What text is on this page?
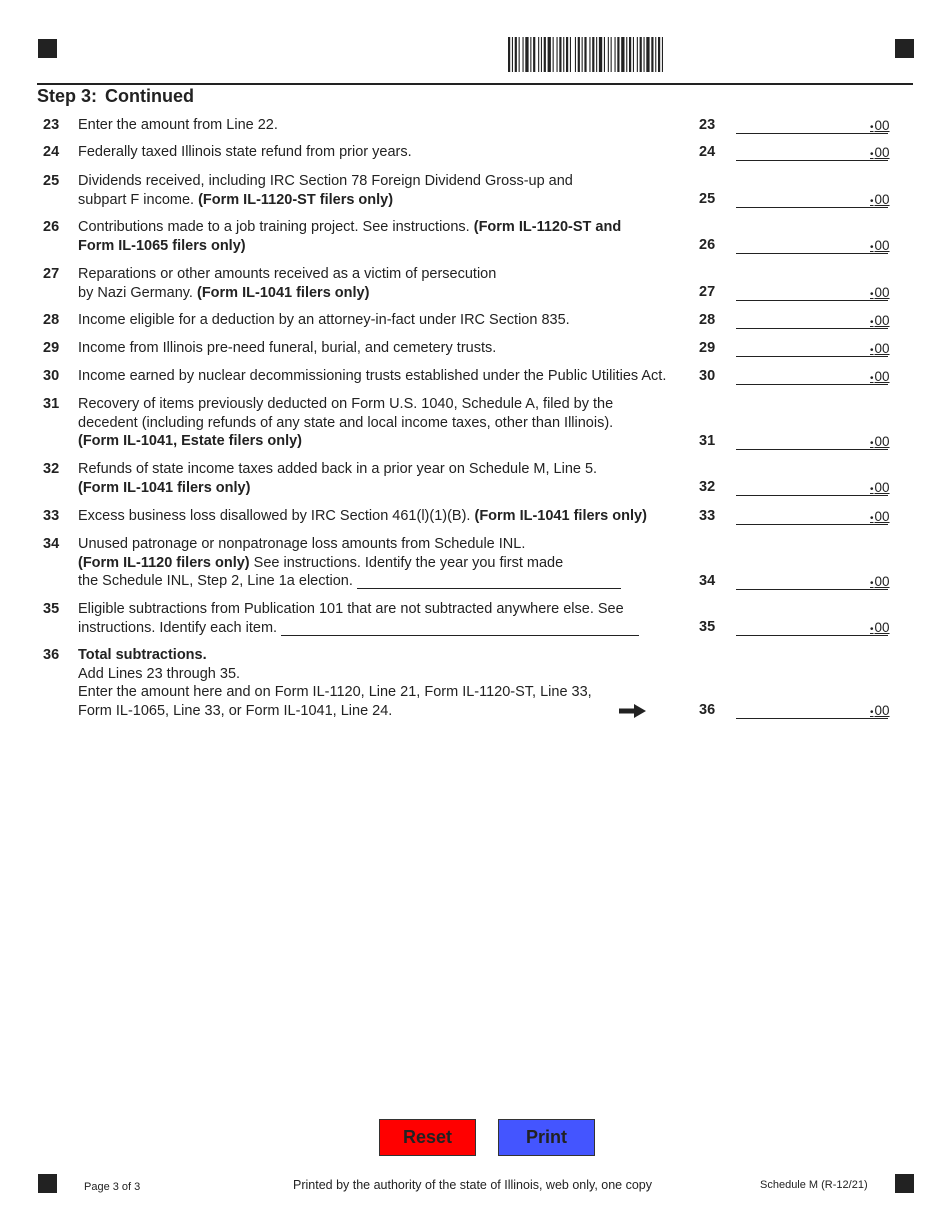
Step 3: Continued
23 Enter the amount from Line 22.	23	• 00
24 Federally taxed Illinois state refund from prior years.	24	• 00
25 Dividends received, including IRC Section 78 Foreign Dividend Gross-up and
subpart F income. (Form IL-1120-ST filers only)	25	• 00
26 Contributions made to a job training project. See instructions. (Form IL-1120-ST and
Form IL-1065 filers only)	26	• 00
27 Reparations or other amounts received as a victim of persecution
by Nazi Germany. (Form IL-1041 filers only)	27	• 00
28 Income eligible for a deduction by an attorney-in-fact under IRC Section 835.	28	• 00
29 Income from Illinois pre-need funeral, burial, and cemetery trusts.	29	• 00
30 Income earned by nuclear decommissioning trusts established under the Public Utilities Act.	30	• 00
31 Recovery of items previously deducted on Form U.S. 1040, Schedule A, filed by the
decedent (including refunds of any state and local income taxes, other than Illinois).
(Form IL-1041, Estate filers only)	31	• 00
32 Refunds of state income taxes added back in a prior year on Schedule M, Line 5.
(Form IL-1041 filers only)	32	• 00
33 Excess business loss disallowed by IRC Section 461(l)(1)(B). (Form IL-1041 filers only)	33	• 00
34 Unused patronage or nonpatronage loss amounts from Schedule INL.
(Form IL-1120 filers only) See instructions. Identify the year you first made
the Schedule INL, Step 2, Line 1a election.	34	• 00
35 Eligible subtractions from Publication 101 that are not subtracted anywhere else. See
instructions. Identify each item.	35	• 00
36 Total subtractions.
Add Lines 23 through 35.
Enter the amount here and on Form IL-1120, Line 21, Form IL-1120-ST, Line 33,
Form IL-1065, Line 33, or Form IL-1041, Line 24.	36	• 00
Reset	Print
Page 3 of 3	Printed by the authority of the state of Illinois, web only, one copy	Schedule M (R-12/21)
